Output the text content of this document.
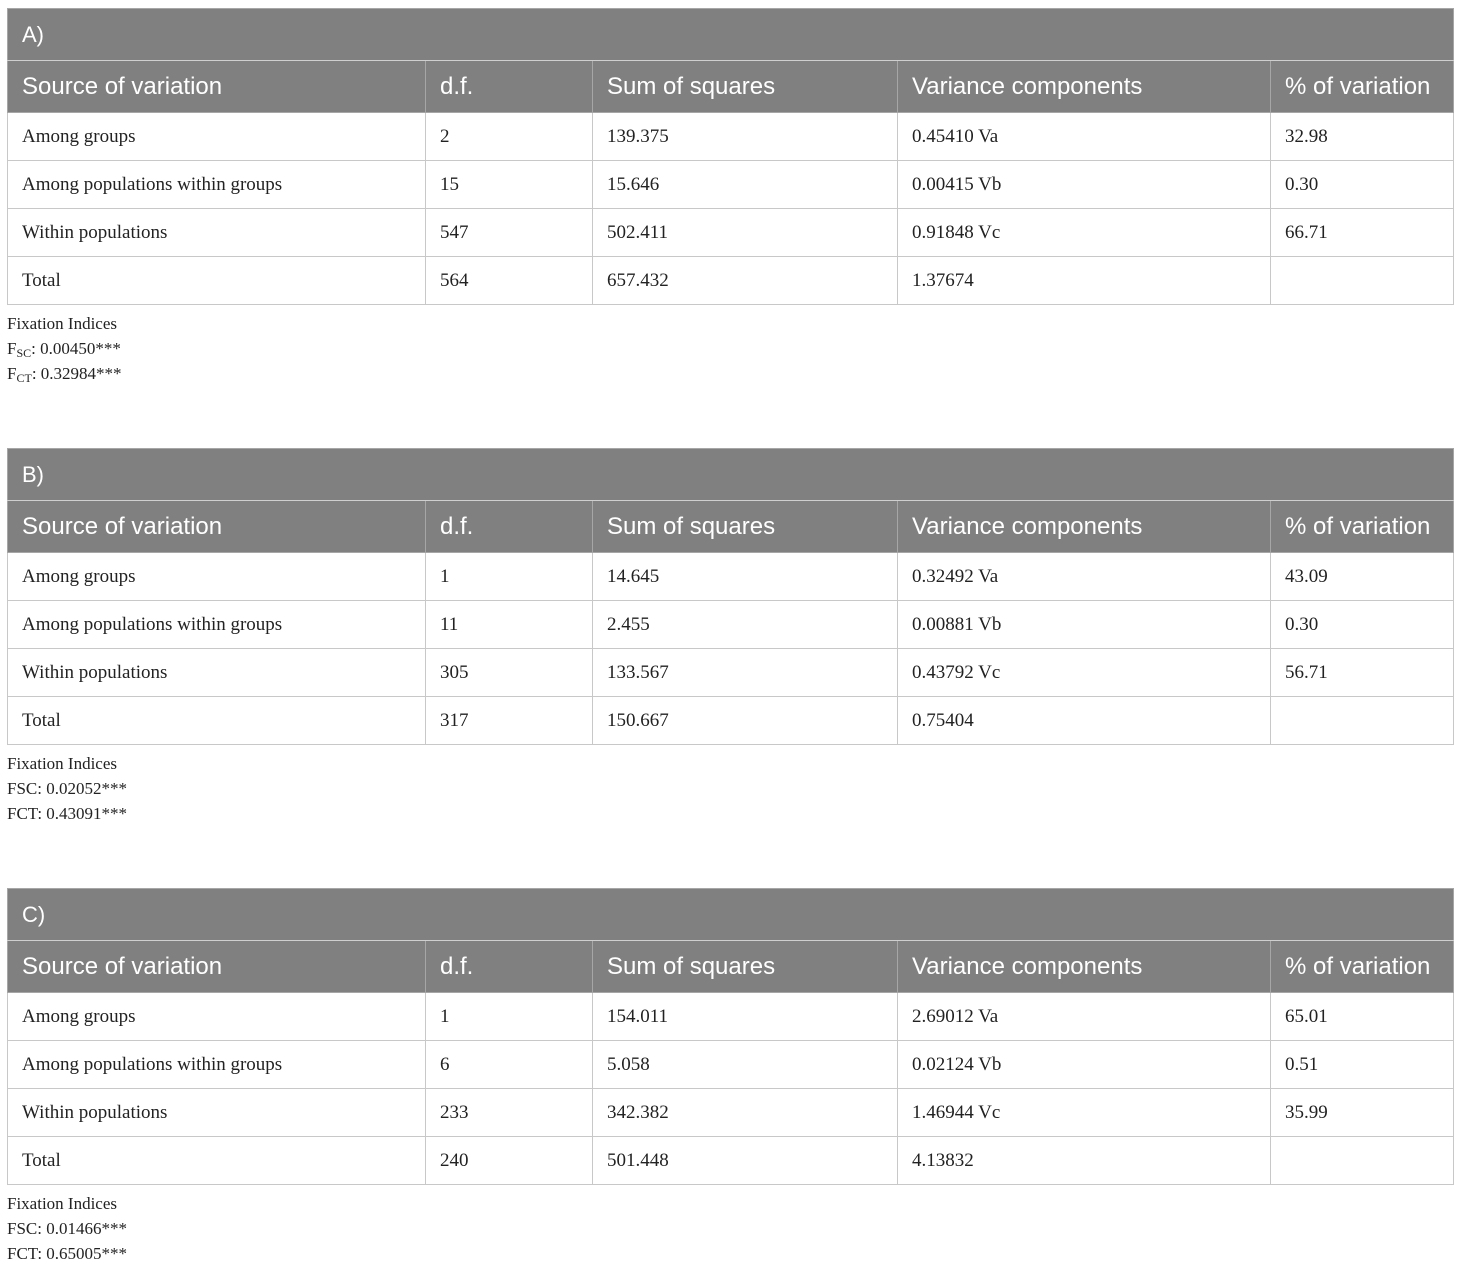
A)				
Source of variation	d.f.	Sum of squares	Variance components	% of variation
Among groups	2	139.375	0.45410 Va	32.98
Among populations within groups	15	15.646	0.00415 Vb	0.30
Within populations	547	502.411	0.91848 Vc	66.71
Total	564	657.432	1.37674	
Fixation Indices
$F_{SC}$: 0.00450***
$F_{CT}$: 0.32984***
B)				
Source of variation	d.f.	Sum of squares	Variance components	% of variation
Among groups	1	14.645	0.32492 Va	43.09
Among populations within groups	11	2.455	0.00881 Vb	0.30
Within populations	305	133.567	0.43792 Vc	56.71
Total	317	150.667	0.75404	
Fixation Indices
FSC: 0.02052***
FCT: 0.43091***
C)				
Source of variation	d.f.	Sum of squares	Variance components	% of variation
Among groups	1	154.011	2.69012 Va	65.01
Among populations within groups	6	5.058	0.02124 Vb	0.51
Within populations	233	342.382	1.46944 Vc	35.99
Total	240	501.448	4.13832	
Fixation Indices
FSC: 0.01466***
FCT: 0.65005***
